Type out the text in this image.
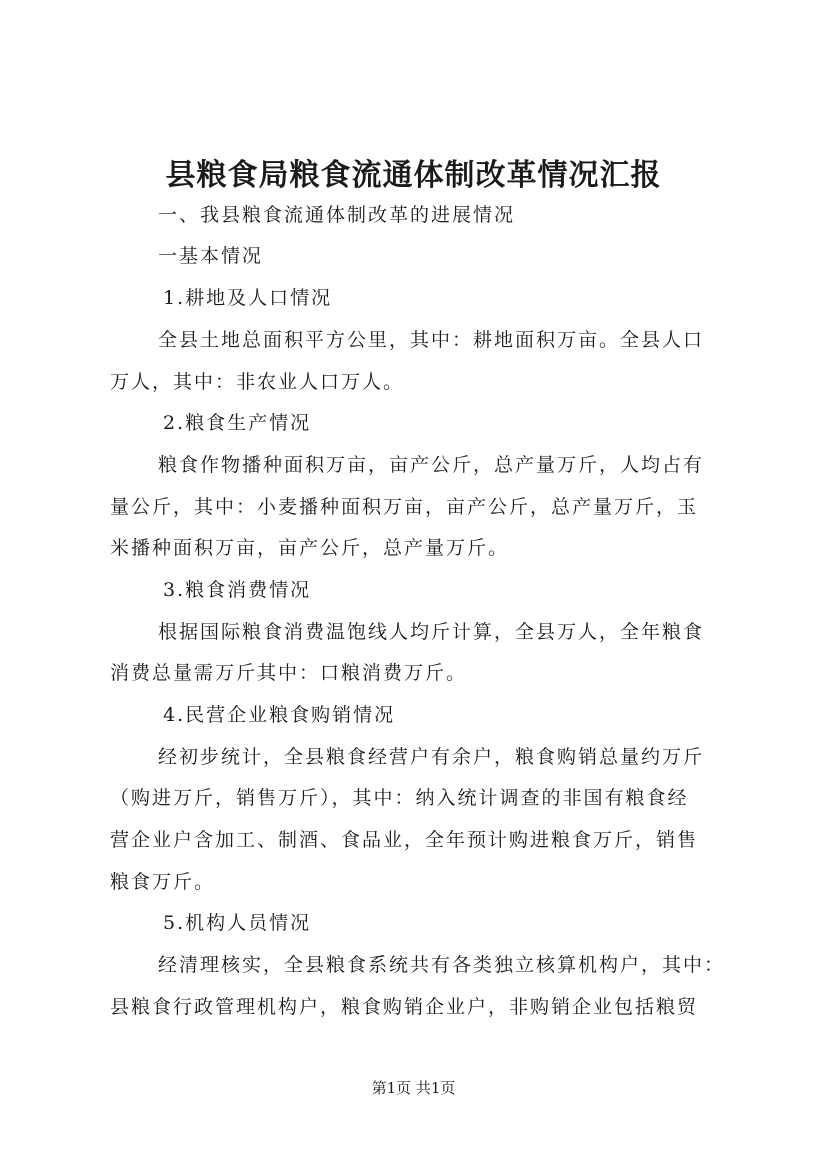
县粮食局粮食流通体制改革情况汇报
一、我县粮食流通体制改革的进展情况
一基本情况
1.耕地及人口情况
全县土地总面积平方公里，其中：耕地面积万亩。全县人口
万人，其中：非农业人口万人。
2.粮食生产情况
粮食作物播种面积万亩，亩产公斤，总产量万斤，人均占有
量公斤，其中：小麦播种面积万亩，亩产公斤，总产量万斤，玉
米播种面积万亩，亩产公斤，总产量万斤。
3.粮食消费情况
根据国际粮食消费温饱线人均斤计算，全县万人，全年粮食
消费总量需万斤其中：口粮消费万斤。
4.民营企业粮食购销情况
经初步统计，全县粮食经营户有余户，粮食购销总量约万斤
（购进万斤，销售万斤），其中：纳入统计调查的非国有粮食经
营企业户含加工、制酒、食品业，全年预计购进粮食万斤，销售
粮食万斤。
5.机构人员情况
经清理核实，全县粮食系统共有各类独立核算机构户，其中：
县粮食行政管理机构户，粮食购销企业户，非购销企业包括粮贸
第1页 共1页
